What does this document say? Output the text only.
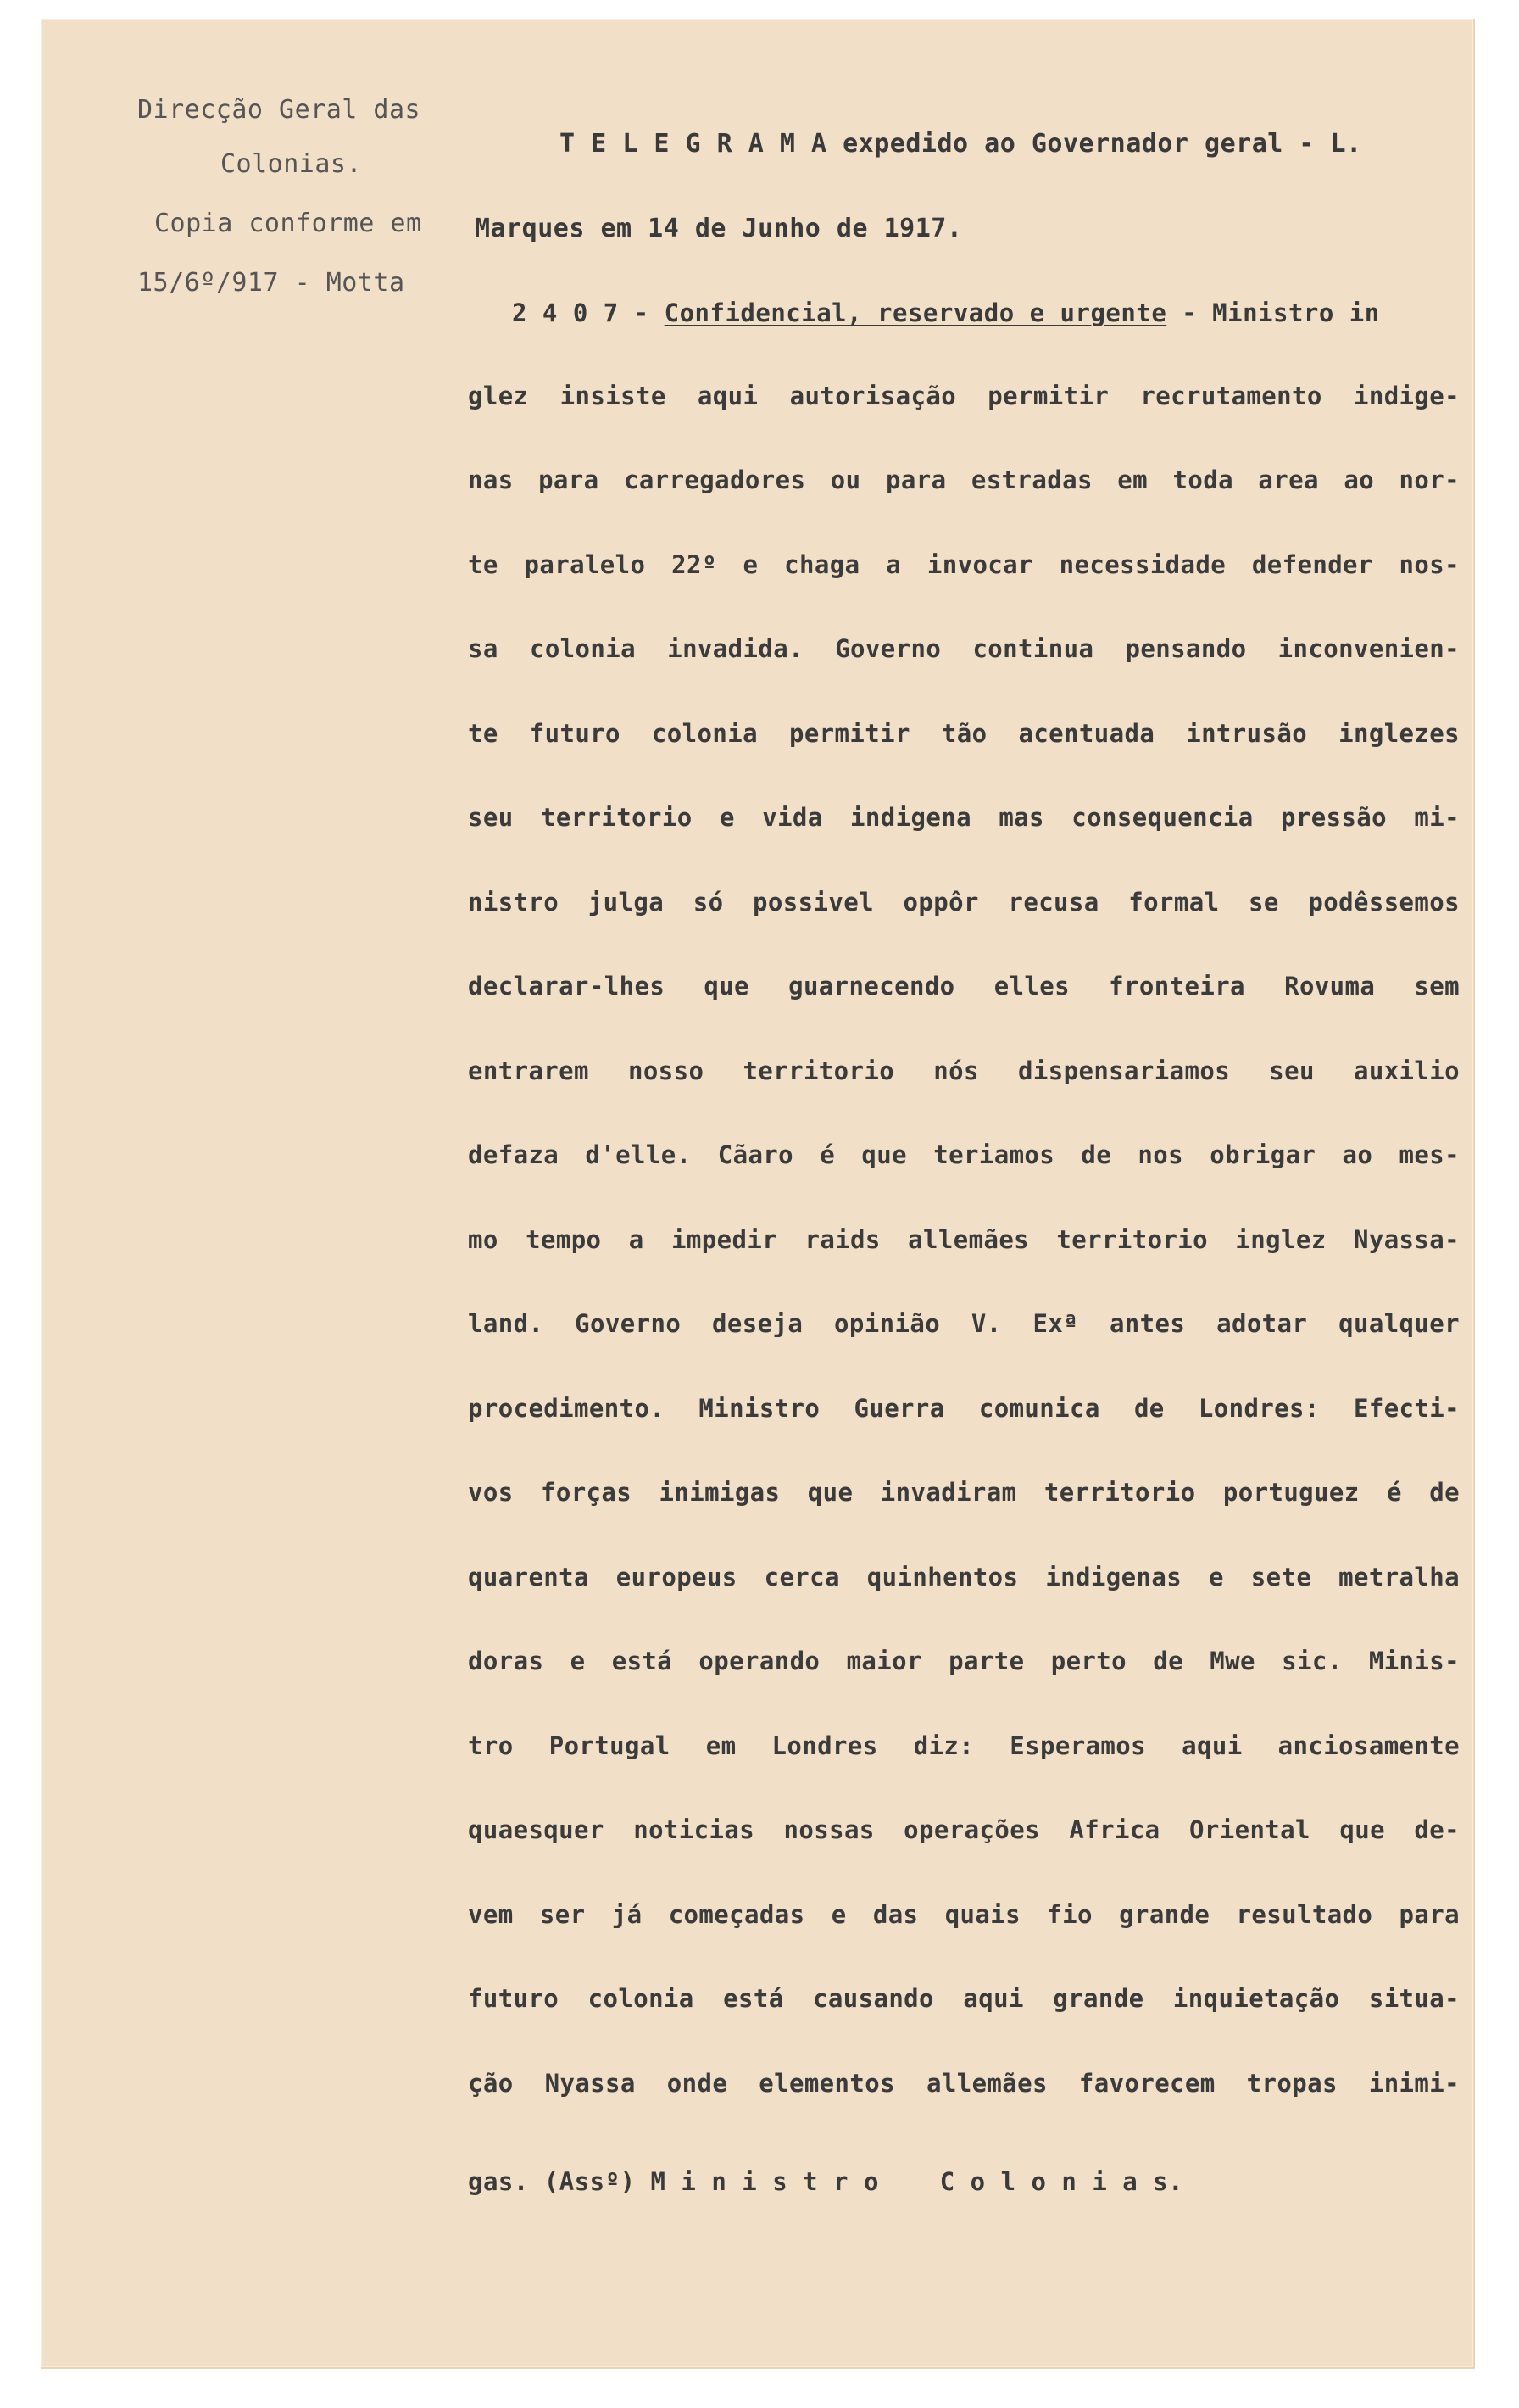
Direcção Geral das
Colonias.
Copia conforme em
15/6º/917 - Motta
T E L E G R A M A expedido ao Governador geral - L.
Marques em 14 de Junho de 1917.
2 4 0 7 - Confidencial, reservado e urgente - Ministro in
glez insiste aqui autorisação permitir recrutamento indige-
nas para carregadores ou para estradas em toda area ao nor-
te paralelo 22º e chaga a invocar necessidade defender nos-
sa colonia invadida. Governo continua pensando inconvenien-
te futuro colonia permitir tão acentuada intrusão inglezes
seu territorio e vida indigena mas consequencia pressão mi-
nistro julga só possivel oppôr recusa formal se podêssemos
declarar-lhes que guarnecendo elles fronteira Rovuma sem
entrarem nosso territorio nós dispensariamos seu auxilio
defaza d'elle. Cãaro é que teriamos de nos obrigar ao mes-
mo tempo a impedir raids allemães territorio inglez Nyassa-
land. Governo deseja opinião V. Exª antes adotar qualquer
procedimento. Ministro Guerra comunica de Londres: Efecti-
vos forças inimigas que invadiram territorio portuguez é de
quarenta europeus cerca quinhentos indigenas e sete metralha
doras e está operando maior parte perto de Mwe sic. Minis-
tro Portugal em Londres diz: Esperamos aqui anciosamente
quaesquer noticias nossas operações Africa Oriental que de-
vem ser já começadas e das quais fio grande resultado para
futuro colonia está causando aqui grande inquietação situa-
ção Nyassa onde elementos allemães favorecem tropas inimi-
gas. (Assº) M i n i s t r o    C o l o n i a s.
